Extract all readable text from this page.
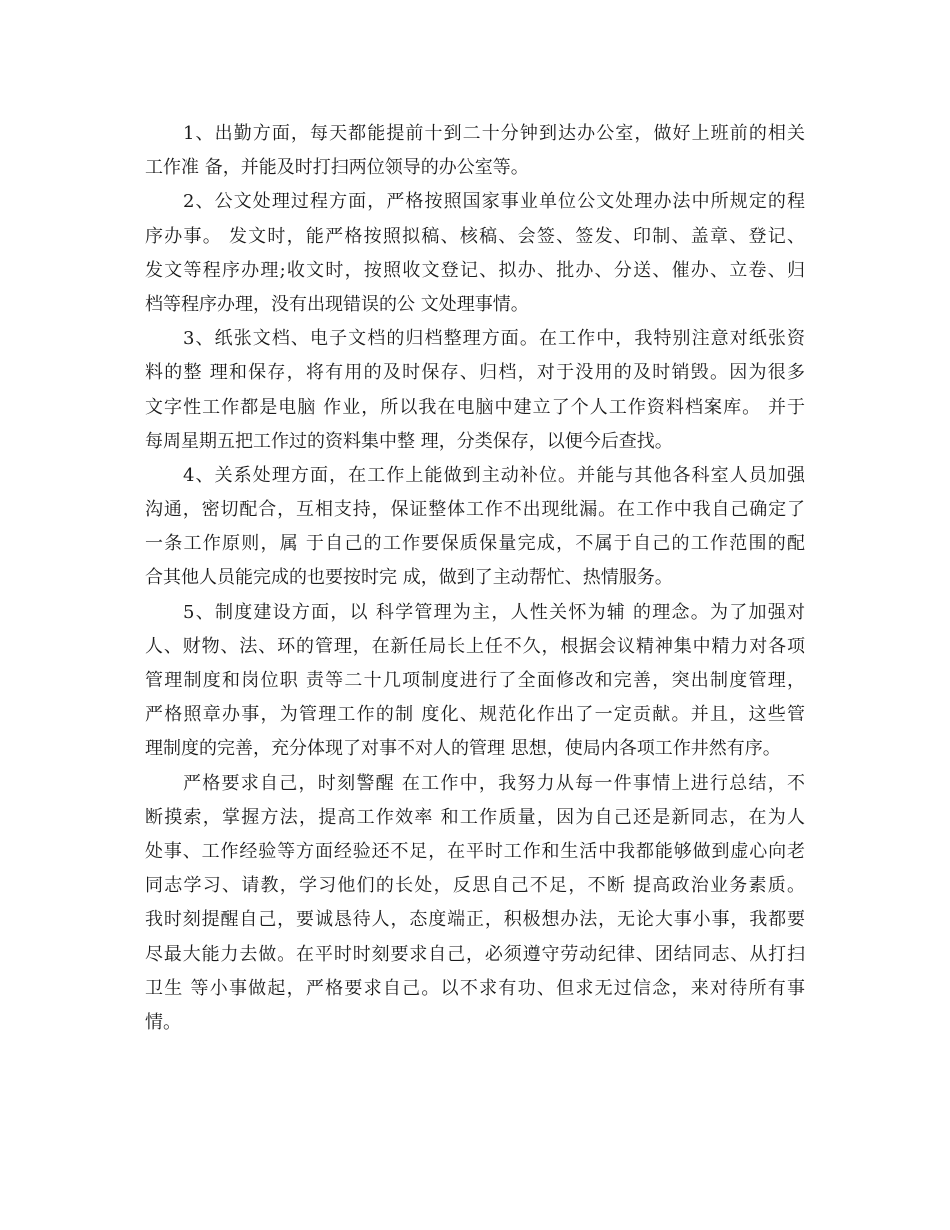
1、出勤方面，每天都能提前十到二十分钟到达办公室，做好上班前的相关
工作准 备，并能及时打扫两位领导的办公室等。
2、公文处理过程方面，严格按照国家事业单位公文处理办法中所规定的程
序办事。 发文时，能严格按照拟稿、核稿、会签、签发、印制、盖章、登记、
发文等程序办理;收文时，按照收文登记、拟办、批办、分送、催办、立卷、归
档等程序办理，没有出现错误的公 文处理事情。
3、纸张文档、电子文档的归档整理方面。在工作中，我特别注意对纸张资
料的整 理和保存，将有用的及时保存、归档，对于没用的及时销毁。因为很多
文字性工作都是电脑 作业，所以我在电脑中建立了个人工作资料档案库。 并于
每周星期五把工作过的资料集中整 理，分类保存，以便今后查找。
4、关系处理方面，在工作上能做到主动补位。并能与其他各科室人员加强
沟通，密切配合，互相支持，保证整体工作不出现纰漏。在工作中我自己确定了
一条工作原则，属 于自己的工作要保质保量完成，不属于自己的工作范围的配
合其他人员能完成的也要按时完 成，做到了主动帮忙、热情服务。
5、制度建设方面，以 科学管理为主，人性关怀为辅 的理念。为了加强对
人、财物、法、环的管理，在新任局长上任不久，根据会议精神集中精力对各项
管理制度和岗位职 责等二十几项制度进行了全面修改和完善，突出制度管理，
严格照章办事，为管理工作的制 度化、规范化作出了一定贡献。并且，这些管
理制度的完善，充分体现了对事不对人的管理 思想，使局内各项工作井然有序。
严格要求自己，时刻警醒 在工作中，我努力从每一件事情上进行总结，不
断摸索，掌握方法，提高工作效率 和工作质量，因为自己还是新同志，在为人
处事、工作经验等方面经验还不足，在平时工作和生活中我都能够做到虚心向老
同志学习、请教，学习他们的长处，反思自己不足，不断 提高政治业务素质。
我时刻提醒自己，要诚恳待人，态度端正，积极想办法，无论大事小事，我都要
尽最大能力去做。在平时时刻要求自己，必须遵守劳动纪律、团结同志、从打扫
卫生 等小事做起，严格要求自己。以不求有功、但求无过信念，来对待所有事
情。
